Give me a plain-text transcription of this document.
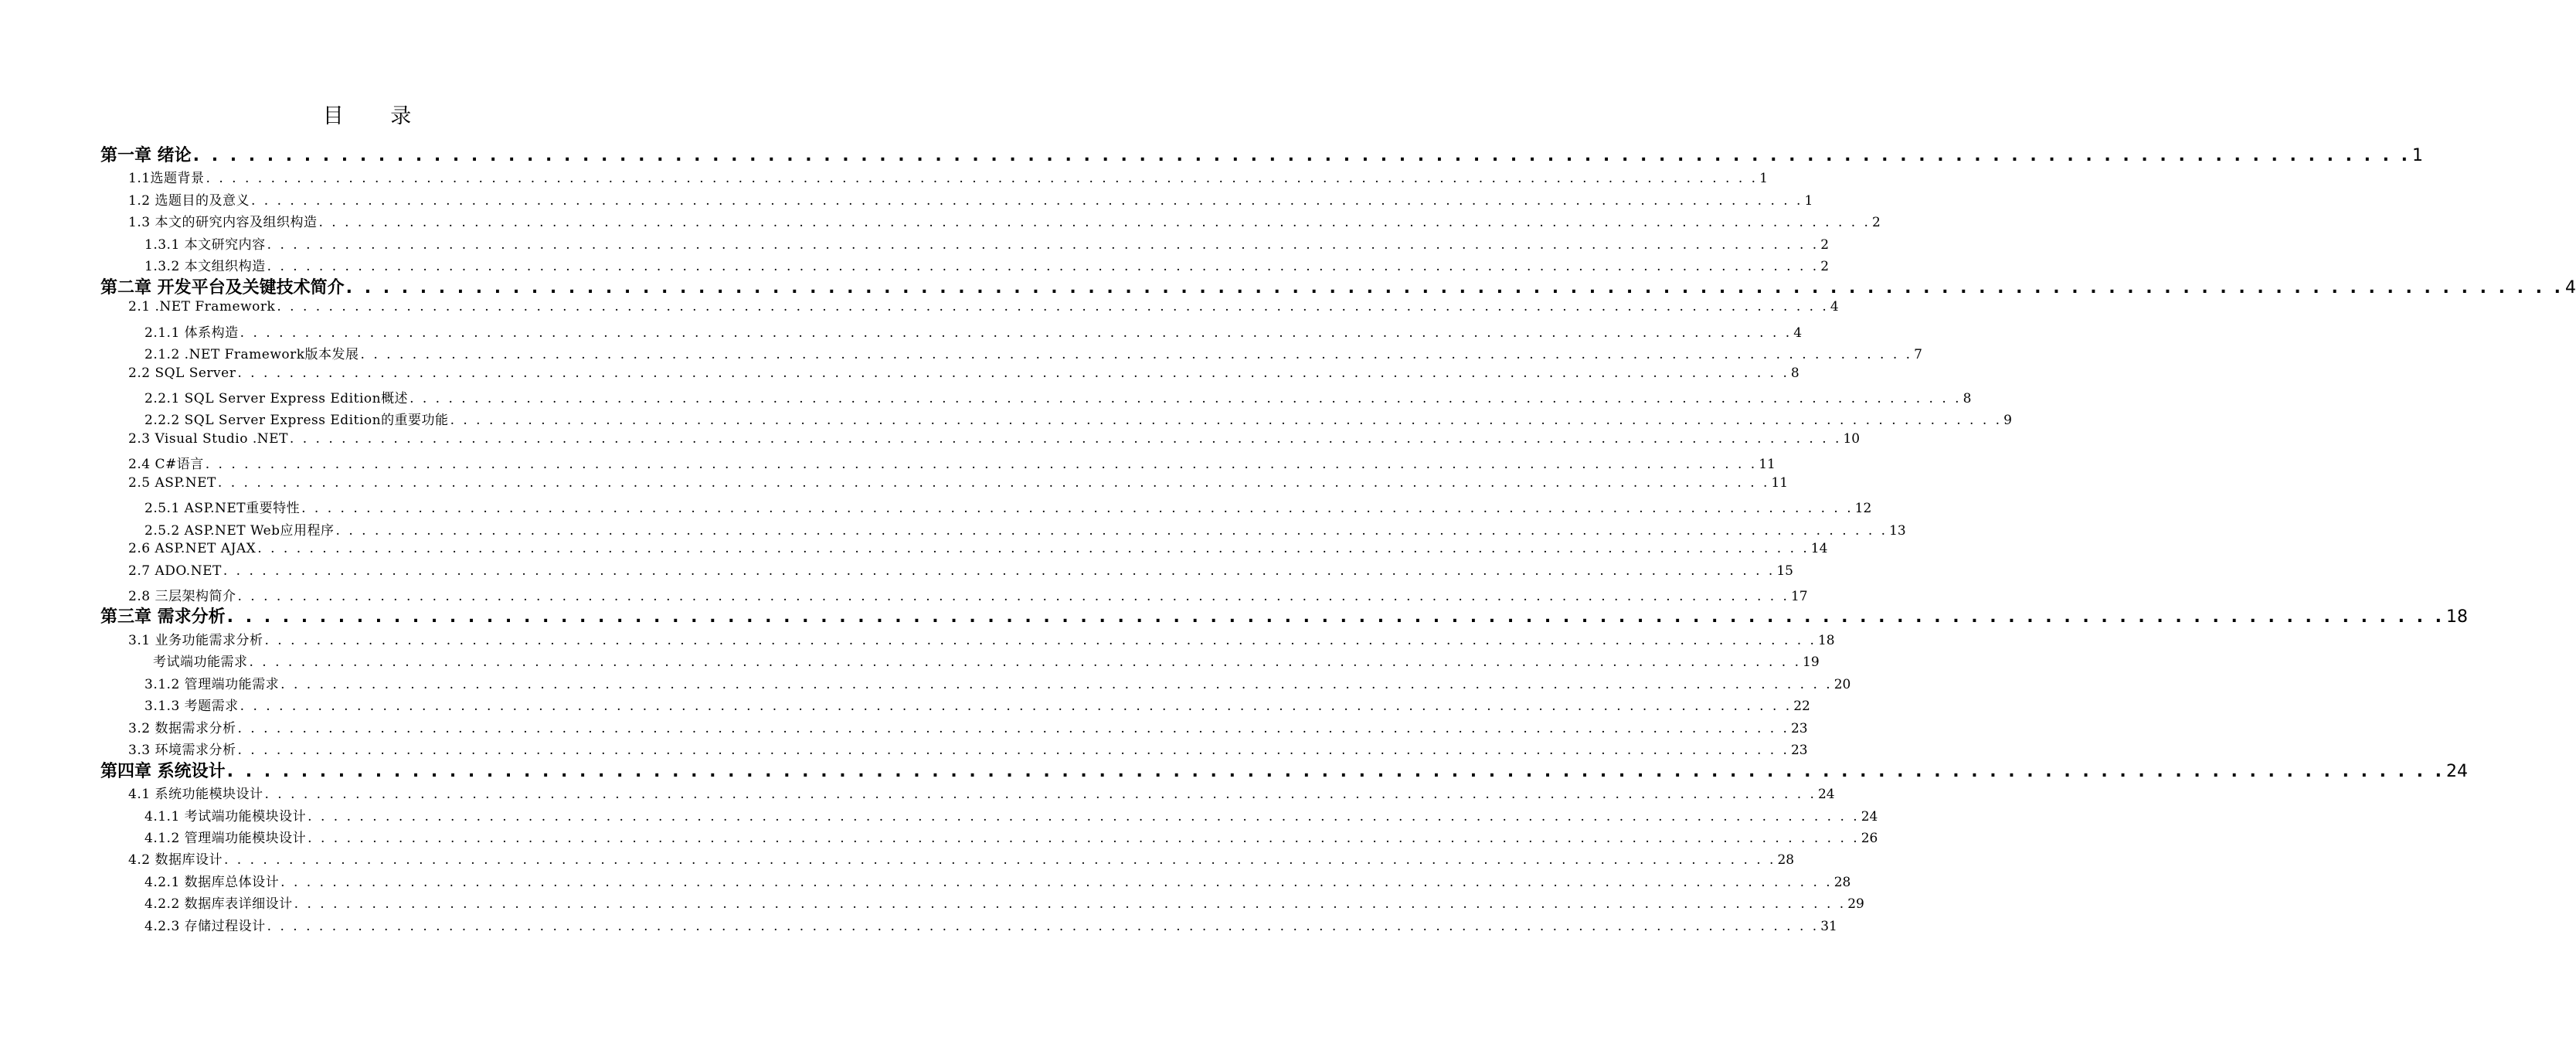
目 录
第一章 绪论 . . . . . . . . . . . . . . . . . . . . . . . . . . . . . . . . . . . . . . . . . . . . . . . . . . . . . . . . . . . . . . . . . . . . . . . . . . . . . . . . . . . . . . . . . . . . . . . . . . . . . . . . . . . . . . . . . . . . . . . . 1
1.1选题背景 . . . . . . . . . . . . . . . . . . . . . . . . . . . . . . . . . . . . . . . . . . . . . . . . . . . . . . . . . . . . . . . . . . . . . . . . . . . . . . . . . . . . . . . . . . . . . . . . . . . . . . . . . . . . . . . . . . . . . . . . 1
1.2 选题目的及意义 . . . . . . . . . . . . . . . . . . . . . . . . . . . . . . . . . . . . . . . . . . . . . . . . . . . . . . . . . . . . . . . . . . . . . . . . . . . . . . . . . . . . . . . . . . . . . . . . . . . . . . . . . . . . . . . . . . . . . . . . 1
1.3 本文的研究内容及组织构造 . . . . . . . . . . . . . . . . . . . . . . . . . . . . . . . . . . . . . . . . . . . . . . . . . . . . . . . . . . . . . . . . . . . . . . . . . . . . . . . . . . . . . . . . . . . . . . . . . . . . . . . . . . . . . . . . . . . . . . . . 2
1.3.1 本文研究内容 . . . . . . . . . . . . . . . . . . . . . . . . . . . . . . . . . . . . . . . . . . . . . . . . . . . . . . . . . . . . . . . . . . . . . . . . . . . . . . . . . . . . . . . . . . . . . . . . . . . . . . . . . . . . . . . . . . . . . . . . 2
1.3.2 本文组织构造 . . . . . . . . . . . . . . . . . . . . . . . . . . . . . . . . . . . . . . . . . . . . . . . . . . . . . . . . . . . . . . . . . . . . . . . . . . . . . . . . . . . . . . . . . . . . . . . . . . . . . . . . . . . . . . . . . . . . . . . . 2
第二章 开发平台及关键技术简介 . . . . . . . . . . . . . . . . . . . . . . . . . . . . . . . . . . . . . . . . . . . . . . . . . . . . . . . . . . . . . . . . . . . . . . . . . . . . . . . . . . . . . . . . . . . . . . . . . . . . . . . . . . . . . . . . . . . . . . . . 4
2.1 .NET Framework . . . . . . . . . . . . . . . . . . . . . . . . . . . . . . . . . . . . . . . . . . . . . . . . . . . . . . . . . . . . . . . . . . . . . . . . . . . . . . . . . . . . . . . . . . . . . . . . . . . . . . . . . . . . . . . . . . . . . . . . 4
2.1.1 体系构造 . . . . . . . . . . . . . . . . . . . . . . . . . . . . . . . . . . . . . . . . . . . . . . . . . . . . . . . . . . . . . . . . . . . . . . . . . . . . . . . . . . . . . . . . . . . . . . . . . . . . . . . . . . . . . . . . . . . . . . . . 4
2.1.2 .NET Framework版本发展 . . . . . . . . . . . . . . . . . . . . . . . . . . . . . . . . . . . . . . . . . . . . . . . . . . . . . . . . . . . . . . . . . . . . . . . . . . . . . . . . . . . . . . . . . . . . . . . . . . . . . . . . . . . . . . . . . . . . . . . . 7
2.2 SQL Server . . . . . . . . . . . . . . . . . . . . . . . . . . . . . . . . . . . . . . . . . . . . . . . . . . . . . . . . . . . . . . . . . . . . . . . . . . . . . . . . . . . . . . . . . . . . . . . . . . . . . . . . . . . . . . . . . . . . . . . . 8
2.2.1 SQL Server Express Edition概述 . . . . . . . . . . . . . . . . . . . . . . . . . . . . . . . . . . . . . . . . . . . . . . . . . . . . . . . . . . . . . . . . . . . . . . . . . . . . . . . . . . . . . . . . . . . . . . . . . . . . . . . . . . . . . . . . . . . . . . . . 8
2.2.2 SQL Server Express Edition的重要功能 . . . . . . . . . . . . . . . . . . . . . . . . . . . . . . . . . . . . . . . . . . . . . . . . . . . . . . . . . . . . . . . . . . . . . . . . . . . . . . . . . . . . . . . . . . . . . . . . . . . . . . . . . . . . . . . . . . . . . . . . 9
2.3 Visual Studio .NET . . . . . . . . . . . . . . . . . . . . . . . . . . . . . . . . . . . . . . . . . . . . . . . . . . . . . . . . . . . . . . . . . . . . . . . . . . . . . . . . . . . . . . . . . . . . . . . . . . . . . . . . . . . . . . . . . . . . . . . . 10
2.4 C#语言 . . . . . . . . . . . . . . . . . . . . . . . . . . . . . . . . . . . . . . . . . . . . . . . . . . . . . . . . . . . . . . . . . . . . . . . . . . . . . . . . . . . . . . . . . . . . . . . . . . . . . . . . . . . . . . . . . . . . . . . . 11
2.5 ASP.NET . . . . . . . . . . . . . . . . . . . . . . . . . . . . . . . . . . . . . . . . . . . . . . . . . . . . . . . . . . . . . . . . . . . . . . . . . . . . . . . . . . . . . . . . . . . . . . . . . . . . . . . . . . . . . . . . . . . . . . . . 11
2.5.1 ASP.NET重要特性 . . . . . . . . . . . . . . . . . . . . . . . . . . . . . . . . . . . . . . . . . . . . . . . . . . . . . . . . . . . . . . . . . . . . . . . . . . . . . . . . . . . . . . . . . . . . . . . . . . . . . . . . . . . . . . . . . . . . . . . . 12
2.5.2 ASP.NET Web应用程序 . . . . . . . . . . . . . . . . . . . . . . . . . . . . . . . . . . . . . . . . . . . . . . . . . . . . . . . . . . . . . . . . . . . . . . . . . . . . . . . . . . . . . . . . . . . . . . . . . . . . . . . . . . . . . . . . . . . . . . . . 13
2.6 ASP.NET AJAX . . . . . . . . . . . . . . . . . . . . . . . . . . . . . . . . . . . . . . . . . . . . . . . . . . . . . . . . . . . . . . . . . . . . . . . . . . . . . . . . . . . . . . . . . . . . . . . . . . . . . . . . . . . . . . . . . . . . . . . . 14
2.7 ADO.NET . . . . . . . . . . . . . . . . . . . . . . . . . . . . . . . . . . . . . . . . . . . . . . . . . . . . . . . . . . . . . . . . . . . . . . . . . . . . . . . . . . . . . . . . . . . . . . . . . . . . . . . . . . . . . . . . . . . . . . . . 15
2.8 三层架构简介 . . . . . . . . . . . . . . . . . . . . . . . . . . . . . . . . . . . . . . . . . . . . . . . . . . . . . . . . . . . . . . . . . . . . . . . . . . . . . . . . . . . . . . . . . . . . . . . . . . . . . . . . . . . . . . . . . . . . . . . . 17
第三章 需求分析 . . . . . . . . . . . . . . . . . . . . . . . . . . . . . . . . . . . . . . . . . . . . . . . . . . . . . . . . . . . . . . . . . . . . . . . . . . . . . . . . . . . . . . . . . . . . . . . . . . . . . . . . . . . . . . . . . . . . . . . . 18
3.1 业务功能需求分析 . . . . . . . . . . . . . . . . . . . . . . . . . . . . . . . . . . . . . . . . . . . . . . . . . . . . . . . . . . . . . . . . . . . . . . . . . . . . . . . . . . . . . . . . . . . . . . . . . . . . . . . . . . . . . . . . . . . . . . . . 18
考试端功能需求 . . . . . . . . . . . . . . . . . . . . . . . . . . . . . . . . . . . . . . . . . . . . . . . . . . . . . . . . . . . . . . . . . . . . . . . . . . . . . . . . . . . . . . . . . . . . . . . . . . . . . . . . . . . . . . . . . . . . . . . . 19
3.1.2 管理端功能需求 . . . . . . . . . . . . . . . . . . . . . . . . . . . . . . . . . . . . . . . . . . . . . . . . . . . . . . . . . . . . . . . . . . . . . . . . . . . . . . . . . . . . . . . . . . . . . . . . . . . . . . . . . . . . . . . . . . . . . . . . 20
3.1.3 考题需求 . . . . . . . . . . . . . . . . . . . . . . . . . . . . . . . . . . . . . . . . . . . . . . . . . . . . . . . . . . . . . . . . . . . . . . . . . . . . . . . . . . . . . . . . . . . . . . . . . . . . . . . . . . . . . . . . . . . . . . . . 22
3.2 数据需求分析 . . . . . . . . . . . . . . . . . . . . . . . . . . . . . . . . . . . . . . . . . . . . . . . . . . . . . . . . . . . . . . . . . . . . . . . . . . . . . . . . . . . . . . . . . . . . . . . . . . . . . . . . . . . . . . . . . . . . . . . . 23
3.3 环境需求分析 . . . . . . . . . . . . . . . . . . . . . . . . . . . . . . . . . . . . . . . . . . . . . . . . . . . . . . . . . . . . . . . . . . . . . . . . . . . . . . . . . . . . . . . . . . . . . . . . . . . . . . . . . . . . . . . . . . . . . . . . 23
第四章 系统设计 . . . . . . . . . . . . . . . . . . . . . . . . . . . . . . . . . . . . . . . . . . . . . . . . . . . . . . . . . . . . . . . . . . . . . . . . . . . . . . . . . . . . . . . . . . . . . . . . . . . . . . . . . . . . . . . . . . . . . . . . 24
4.1 系统功能模块设计 . . . . . . . . . . . . . . . . . . . . . . . . . . . . . . . . . . . . . . . . . . . . . . . . . . . . . . . . . . . . . . . . . . . . . . . . . . . . . . . . . . . . . . . . . . . . . . . . . . . . . . . . . . . . . . . . . . . . . . . . 24
4.1.1 考试端功能模块设计 . . . . . . . . . . . . . . . . . . . . . . . . . . . . . . . . . . . . . . . . . . . . . . . . . . . . . . . . . . . . . . . . . . . . . . . . . . . . . . . . . . . . . . . . . . . . . . . . . . . . . . . . . . . . . . . . . . . . . . . . 24
4.1.2 管理端功能模块设计 . . . . . . . . . . . . . . . . . . . . . . . . . . . . . . . . . . . . . . . . . . . . . . . . . . . . . . . . . . . . . . . . . . . . . . . . . . . . . . . . . . . . . . . . . . . . . . . . . . . . . . . . . . . . . . . . . . . . . . . . 26
4.2 数据库设计 . . . . . . . . . . . . . . . . . . . . . . . . . . . . . . . . . . . . . . . . . . . . . . . . . . . . . . . . . . . . . . . . . . . . . . . . . . . . . . . . . . . . . . . . . . . . . . . . . . . . . . . . . . . . . . . . . . . . . . . . 28
4.2.1 数据库总体设计 . . . . . . . . . . . . . . . . . . . . . . . . . . . . . . . . . . . . . . . . . . . . . . . . . . . . . . . . . . . . . . . . . . . . . . . . . . . . . . . . . . . . . . . . . . . . . . . . . . . . . . . . . . . . . . . . . . . . . . . . 28
4.2.2 数据库表详细设计 . . . . . . . . . . . . . . . . . . . . . . . . . . . . . . . . . . . . . . . . . . . . . . . . . . . . . . . . . . . . . . . . . . . . . . . . . . . . . . . . . . . . . . . . . . . . . . . . . . . . . . . . . . . . . . . . . . . . . . . . 29
4.2.3 存储过程设计 . . . . . . . . . . . . . . . . . . . . . . . . . . . . . . . . . . . . . . . . . . . . . . . . . . . . . . . . . . . . . . . . . . . . . . . . . . . . . . . . . . . . . . . . . . . . . . . . . . . . . . . . . . . . . . . . . . . . . . . . 31
